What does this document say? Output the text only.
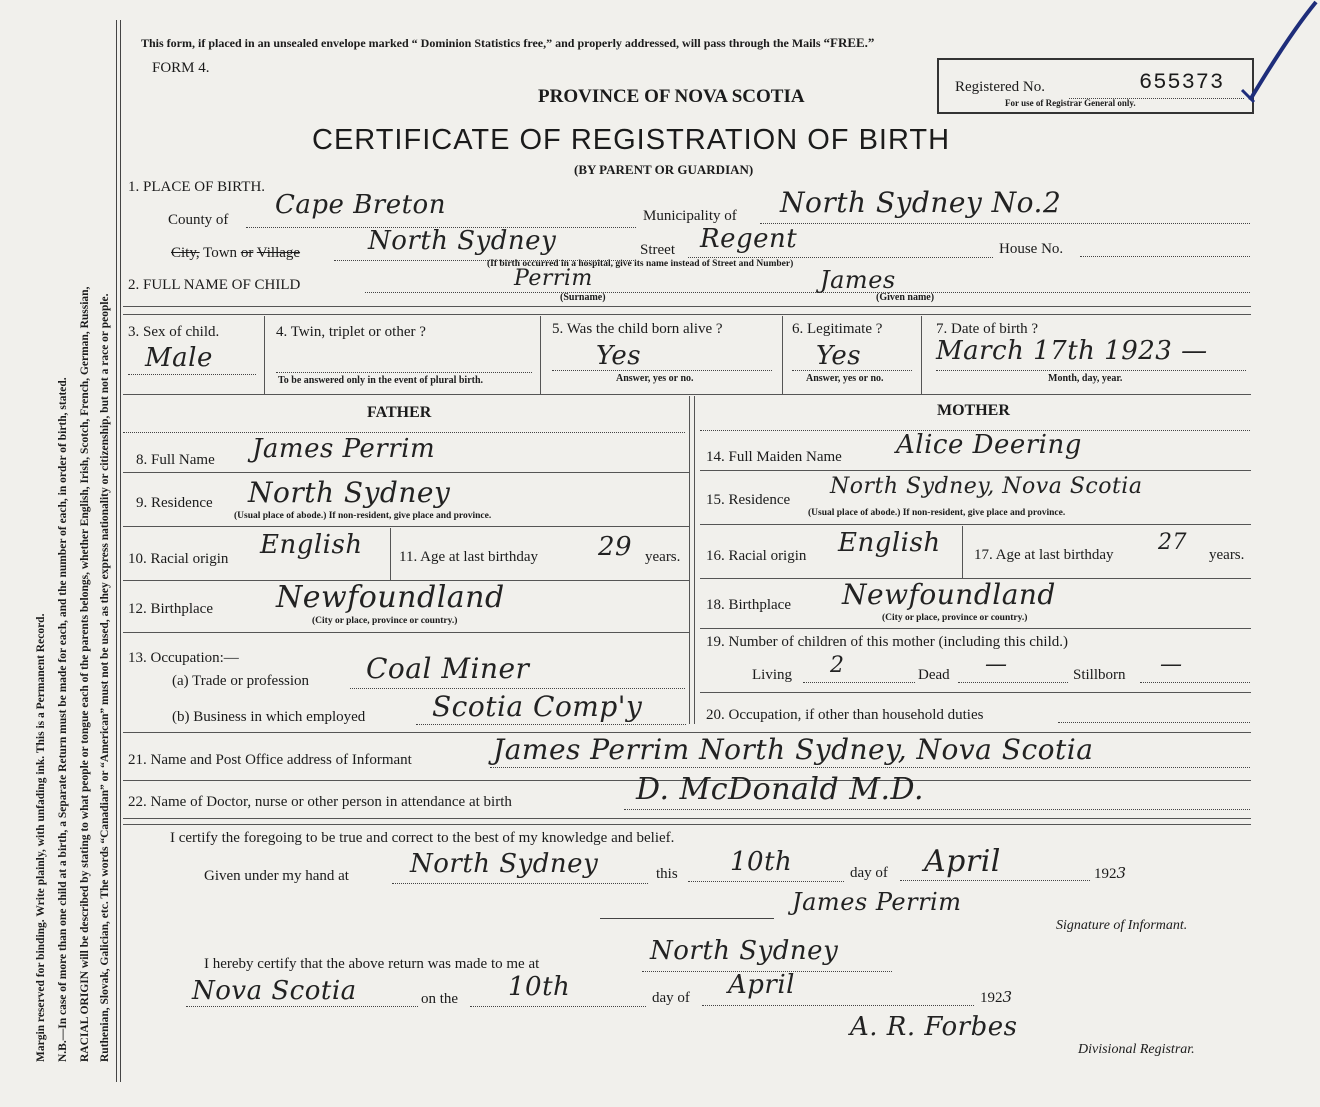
Margin reserved for binding. Write plainly, with unfading ink. This is a Permanent Record. N.B.—In case of more than one child at a birth, a Separate Return must be made for each, and the number of each, in order of birth, stated. RACIAL ORIGIN will be described by stating to what people or tongue each of the parents belongs, whether English, Irish, Scotch, French, German, Russian, Ruthenian, Slovak, Galician, etc. The words “Canadian” or “American” must not be used, as they express nationality or citizenship, but not a race or people.
This form, if placed in an unsealed envelope marked “ Dominion Statistics free,” and properly addressed, will pass through the Mails “FREE.”
FORM 4.
PROVINCE OF NOVA SCOTIA	Registered No.	655373
For use of Registrar General only.
CERTIFICATE OF REGISTRATION OF BIRTH
(BY PARENT OR GUARDIAN)
1. PLACE OF BIRTH.
County of Cape Breton	Municipality of North Sydney No.2
City, Town or Village	North Sydney	Street Regent	House No.
(If birth occurred in a hospital, give its name instead of Street and Number)
2. FULL NAME OF CHILD	Perrim
(Surname)
James
(Given name)
3. Sex of child.
Male
4. Twin, triplet or other ?
To be answered only in the event of plural birth.
5. Was the child born alive ?
Yes
Answer, yes or no.
6. Legitimate ?
Yes
Answer, yes or no.
7. Date of birth ?
March 17th 1923 —
Month, day, year.
FATHER	MOTHER
8. Full Name James Perrim	14. Full Maiden Name Alice Deering
9. Residence North Sydney
(Usual place of abode.) If non-resident, give place and province.
15. Residence
North Sydney, Nova Scotia
(Usual place of abode.) If non-resident, give place and province.
10. Racial origin English 11. Age at last birthday 29 years. 16. Racial origin English 17. Age at last birthday 27 years.
12. Birthplace Newfoundland
(City or place, province or country.)
18. Birthplace Newfoundland
(City or place, province or country.)
13. Occupation:—
(a) Trade or profession Coal Miner
(b) Business in which employed Scotia Comp'y
19. Number of children of this mother (including this child.)
Living 2	Dead —	Stillborn —
20. Occupation, if other than household duties
21. Name and Post Office address of Informant	James Perrim North Sydney, Nova Scotia
22. Name of Doctor, nurse or other person in attendance at birth	D. McDonald M.D.
I certify the foregoing to be true and correct to the best of my knowledge and belief.
Given under my hand at North Sydney	this 10th	day of April	1923
James Perrim
Signature of Informant.
I hereby certify that the above return was made to me at	North Sydney
Nova Scotia	on the 10th	day of April	1923
A. R. Forbes
Divisional Registrar.
